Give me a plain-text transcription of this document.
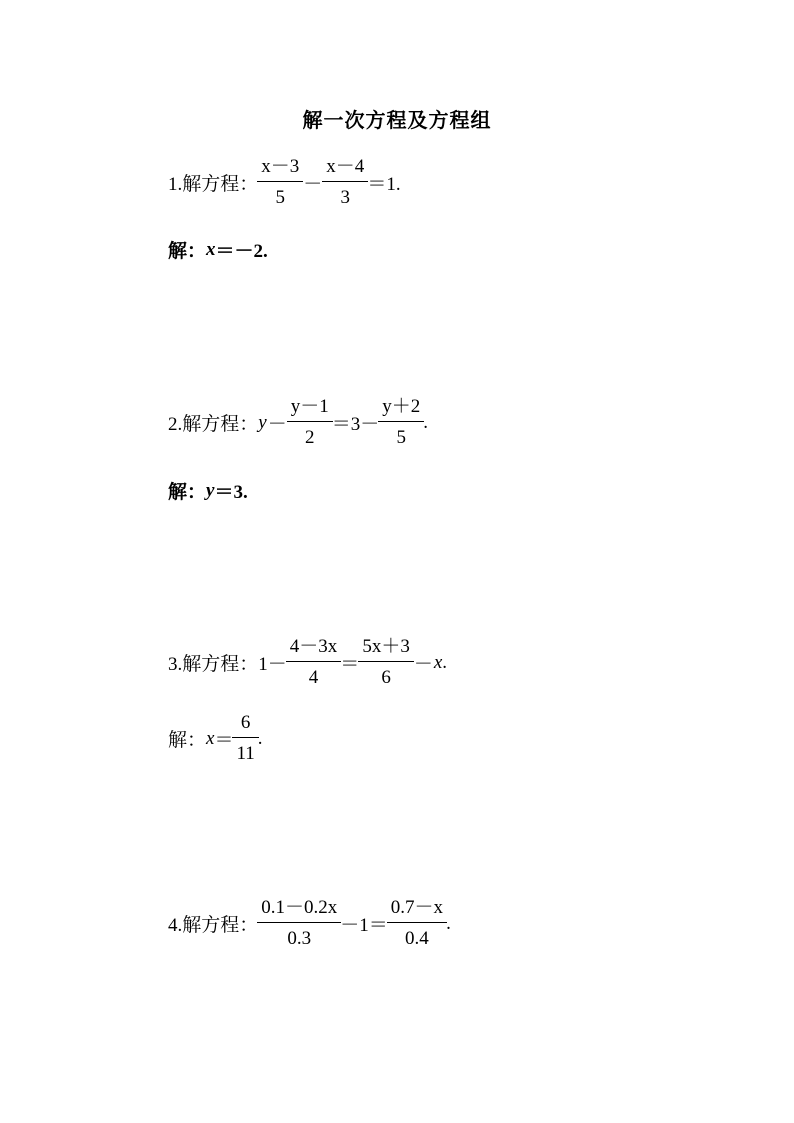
解一次方程及方程组
1.解方程： $\frac{x-3}{5} - \frac{x-4}{3} =1$.
解： x ＝－2.
2.解方程： $y - \frac{y-1}{2} =3- \frac{y+2}{5}$ .
解： y ＝3.
3.解方程： $1- \frac{4-3x}{4} = \frac{5x+3}{6} - x$ .
解： $x = \frac{6}{11}$ .
4.解方程： $\frac{0.1-0.2x}{0.3} -1= \frac{0.7-x}{0.4}$ .
